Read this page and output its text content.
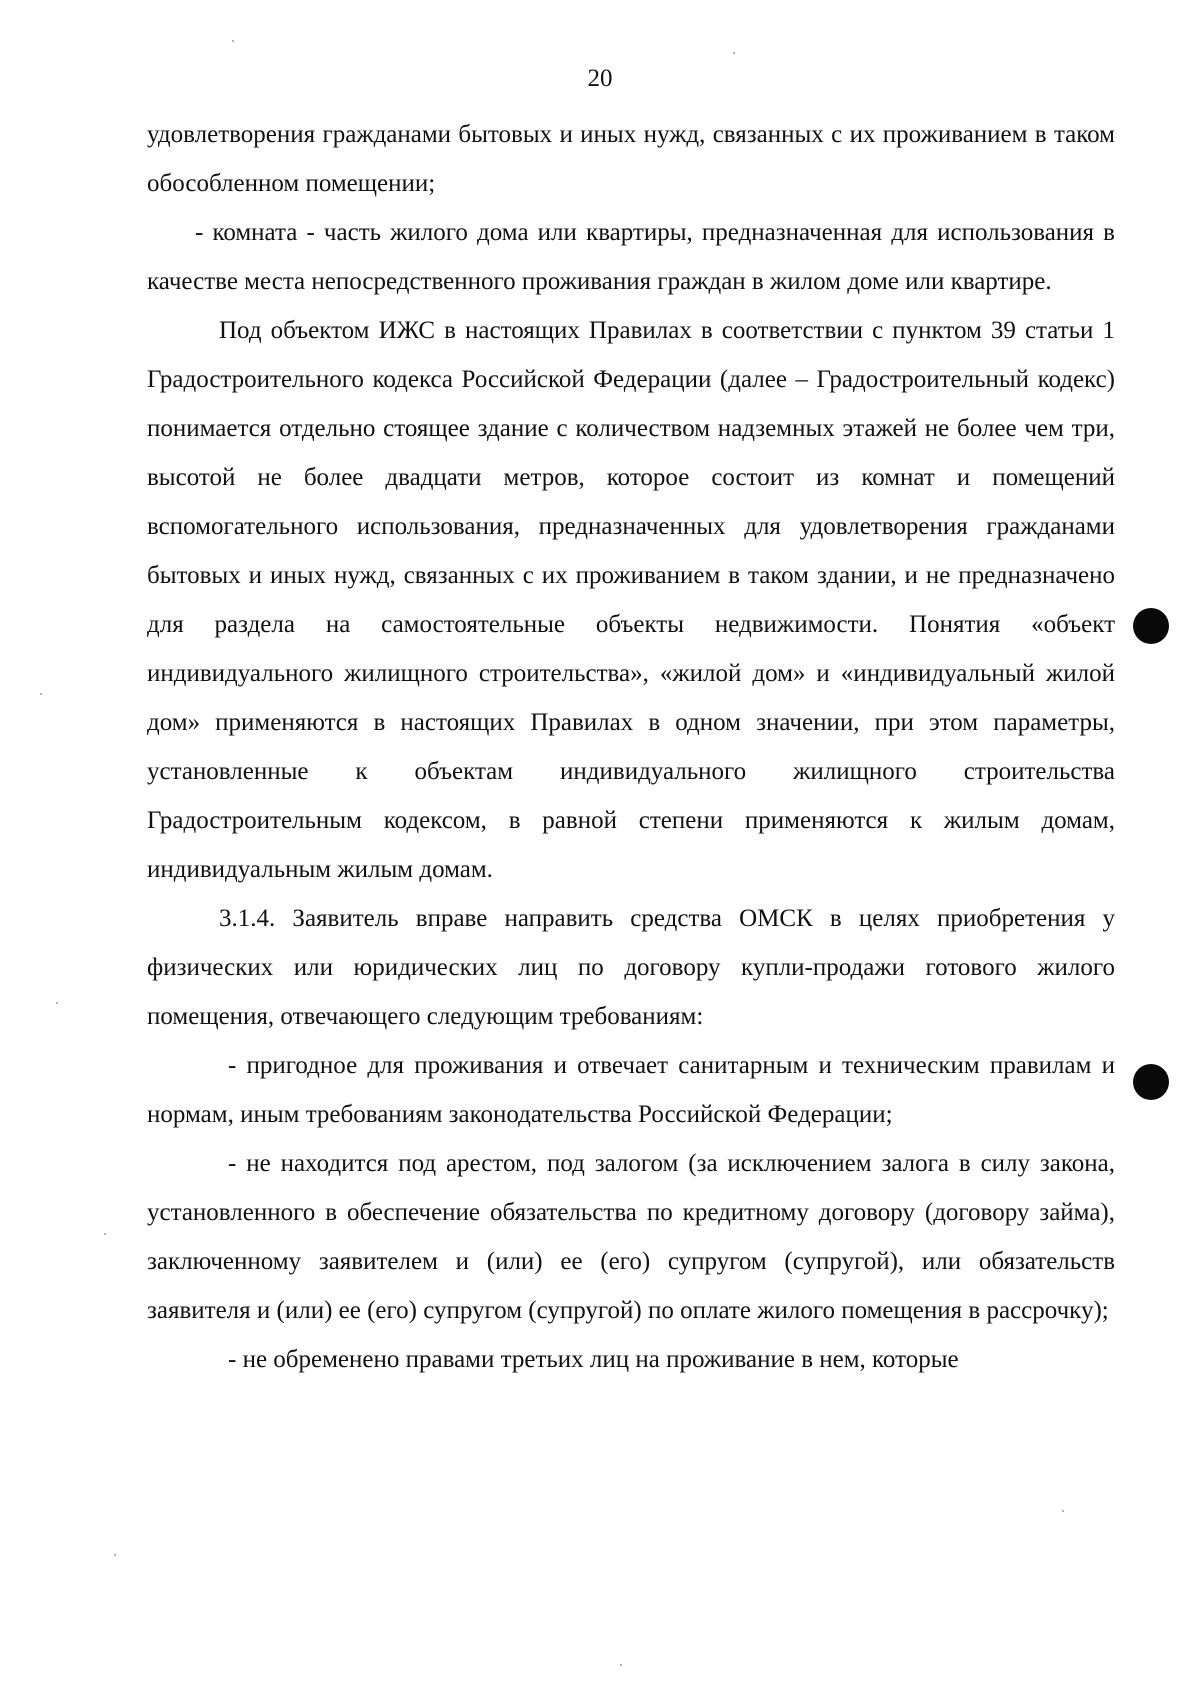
20

удовлетворения гражданами бытовых и иных нужд, связанных с их проживанием в таком обособленном помещении;

- комната - часть жилого дома или квартиры, предназначенная для использования в качестве места непосредственного проживания граждан в жилом доме или квартире.

Под объектом ИЖС в настоящих Правилах в соответствии с пунктом 39 статьи 1 Градостроительного кодекса Российской Федерации (далее – Градостроительный кодекс) понимается отдельно стоящее здание с количеством надземных этажей не более чем три, высотой не более двадцати метров, которое состоит из комнат и помещений вспомогательного использования, предназначенных для удовлетворения гражданами бытовых и иных нужд, связанных с их проживанием в таком здании, и не предназначено для раздела на самостоятельные объекты недвижимости. Понятия «объект индивидуального жилищного строительства», «жилой дом» и «индивидуальный жилой дом» применяются в настоящих Правилах в одном значении, при этом параметры, установленные к объектам индивидуального жилищного строительства Градостроительным кодексом, в равной степени применяются к жилым домам, индивидуальным жилым домам.

3.1.4. Заявитель вправе направить средства ОМСК в целях приобретения у физических или юридических лиц по договору купли-продажи готового жилого помещения, отвечающего следующим требованиям:

- пригодное для проживания и отвечает санитарным и техническим правилам и нормам, иным требованиям законодательства Российской Федерации;

- не находится под арестом, под залогом (за исключением залога в силу закона, установленного в обеспечение обязательства по кредитному договору (договору займа), заключенному заявителем и (или) ее (его) супругом (супругой), или обязательств заявителя и (или) ее (его) супругом (супругой) по оплате жилого помещения в рассрочку);

- не обременено правами третьих лиц на проживание в нем, которые
